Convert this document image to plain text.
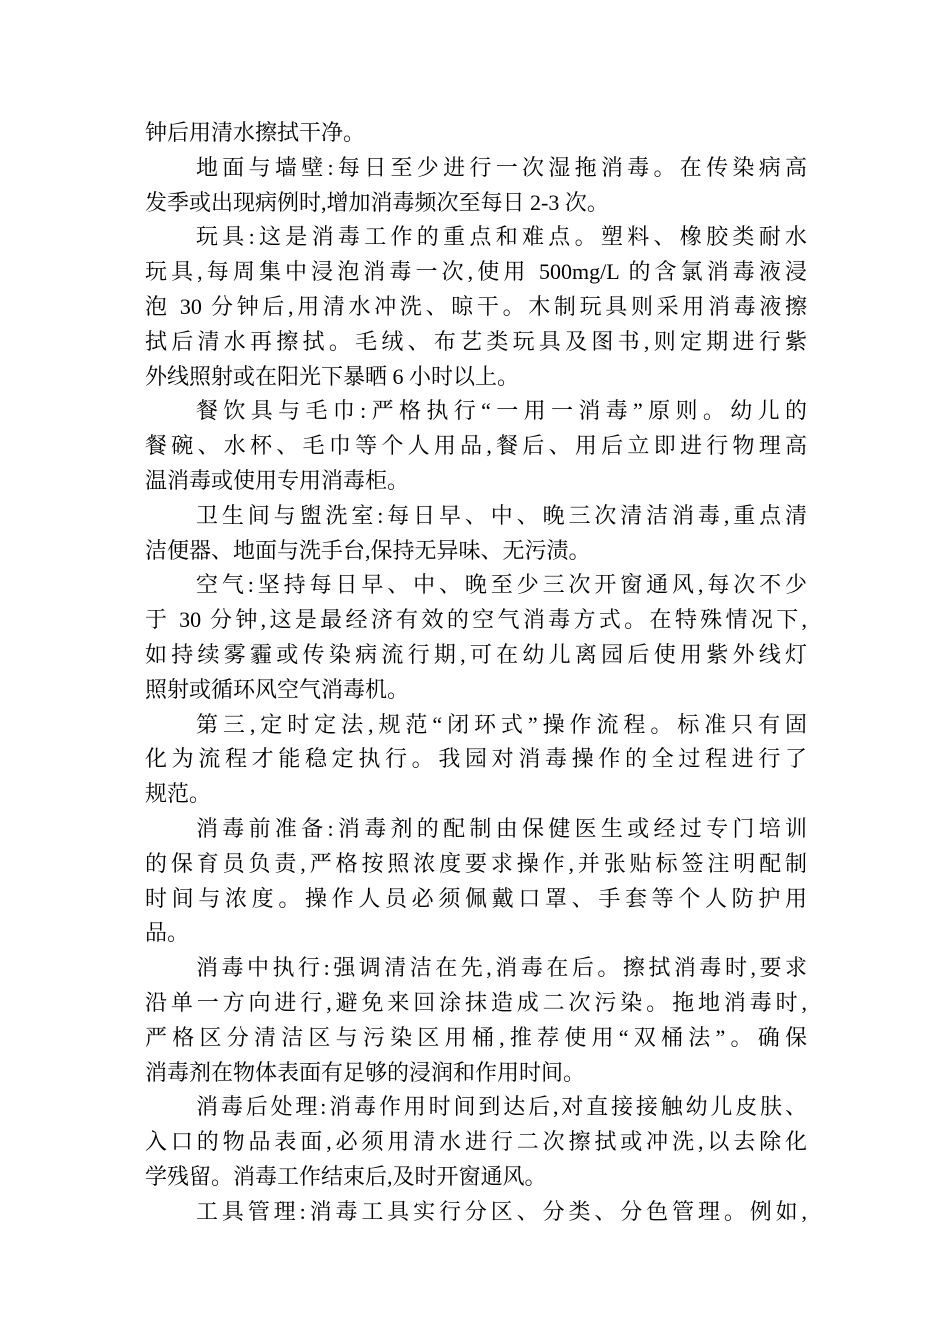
钟后用清水擦拭干净。
地面与墙壁:每日至少进行一次湿拖消毒。在传染病高
发季或出现病例时,增加消毒频次至每日 2-3 次。
玩具:这是消毒工作的重点和难点。塑料、橡胶类耐水
玩具,每周集中浸泡消毒一次,使用 500mg/L 的含氯消毒液浸
泡 30 分钟后,用清水冲洗、晾干。木制玩具则采用消毒液擦
拭后清水再擦拭。毛绒、布艺类玩具及图书,则定期进行紫
外线照射或在阳光下暴晒 6 小时以上。
餐饮具与毛巾:严格执行“一用一消毒”原则。幼儿的
餐碗、水杯、毛巾等个人用品,餐后、用后立即进行物理高
温消毒或使用专用消毒柜。
卫生间与盥洗室:每日早、中、晚三次清洁消毒,重点清
洁便器、地面与洗手台,保持无异味、无污渍。
空气:坚持每日早、中、晚至少三次开窗通风,每次不少
于 30 分钟,这是最经济有效的空气消毒方式。在特殊情况下,
如持续雾霾或传染病流行期,可在幼儿离园后使用紫外线灯
照射或循环风空气消毒机。
第三,定时定法,规范“闭环式”操作流程。标准只有固
化为流程才能稳定执行。我园对消毒操作的全过程进行了
规范。
消毒前准备:消毒剂的配制由保健医生或经过专门培训
的保育员负责,严格按照浓度要求操作,并张贴标签注明配制
时间与浓度。操作人员必须佩戴口罩、手套等个人防护用
品。
消毒中执行:强调清洁在先,消毒在后。擦拭消毒时,要求
沿单一方向进行,避免来回涂抹造成二次污染。拖地消毒时,
严格区分清洁区与污染区用桶,推荐使用“双桶法”。确保
消毒剂在物体表面有足够的浸润和作用时间。
消毒后处理:消毒作用时间到达后,对直接接触幼儿皮肤、
入口的物品表面,必须用清水进行二次擦拭或冲洗,以去除化
学残留。消毒工作结束后,及时开窗通风。
工具管理:消毒工具实行分区、分类、分色管理。例如,
